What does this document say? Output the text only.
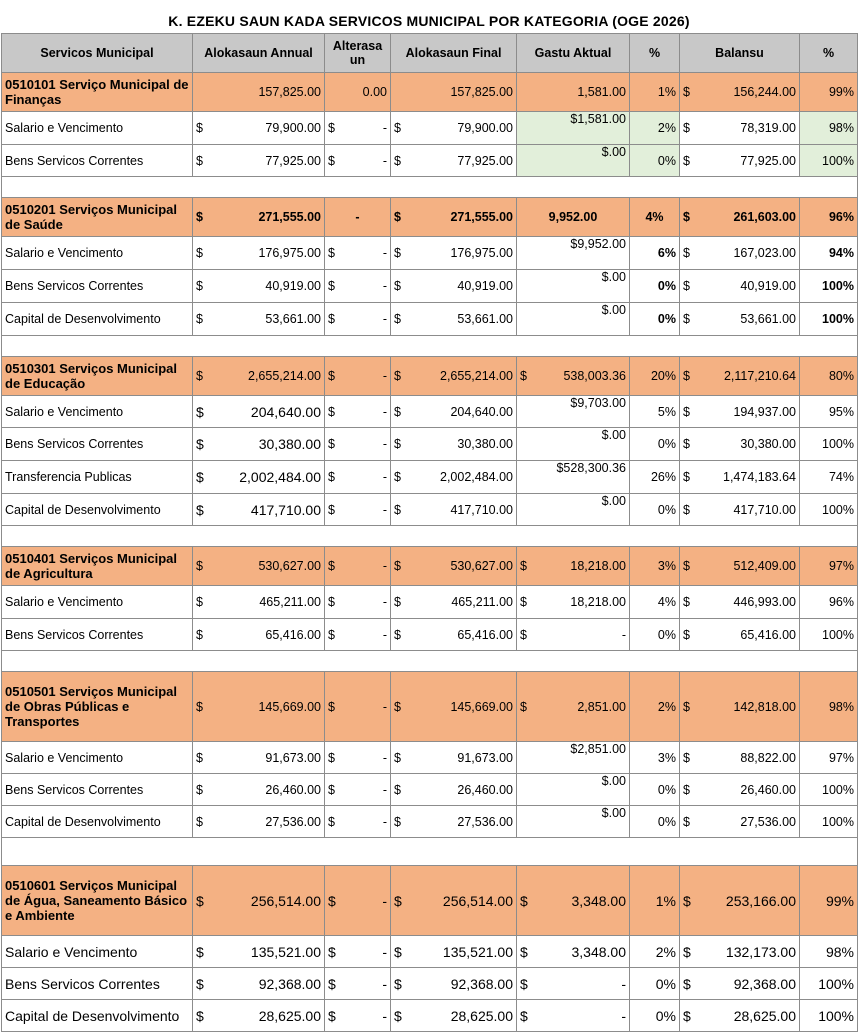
K. EZEKU SAUN KADA SERVICOS MUNICIPAL POR KATEGORIA (OGE 2026)
Servicos Municipal	Alokasaun Annual	Alterasa un	Alokasaun Final	Gastu Aktual	%	Balansu	%
0510101 Serviço Municipal de Finanças	157,825.00	0.00	157,825.00	1,581.00	1%	$ 156,244.00	99%
Salario e Vencimento	$ 79,900.00	$ -	$ 79,900.00	$1,581.00	2%	$ 78,319.00	98%
Bens Servicos Correntes	$ 77,925.00	$ -	$ 77,925.00	$.00	0%	$ 77,925.00	100%

0510201 Serviços Municipal de Saúde	$ 271,555.00	-	$ 271,555.00	9,952.00	4%	$ 261,603.00	96%
Salario e Vencimento	$ 176,975.00	$ -	$ 176,975.00	$9,952.00	6%	$ 167,023.00	94%
Bens Servicos Correntes	$ 40,919.00	$ -	$ 40,919.00	$.00	0%	$ 40,919.00	100%
Capital de Desenvolvimento	$ 53,661.00	$ -	$ 53,661.00	$.00	0%	$ 53,661.00	100%

0510301 Serviços Municipal de Educação	$ 2,655,214.00	$ -	$ 2,655,214.00	$ 538,003.36	20%	$ 2,117,210.64	80%
Salario e Vencimento	$ 204,640.00	$ -	$ 204,640.00	$9,703.00	5%	$ 194,937.00	95%
Bens Servicos Correntes	$ 30,380.00	$ -	$ 30,380.00	$.00	0%	$ 30,380.00	100%
Transferencia Publicas	$ 2,002,484.00	$ -	$ 2,002,484.00	$528,300.36	26%	$ 1,474,183.64	74%
Capital de Desenvolvimento	$ 417,710.00	$ -	$ 417,710.00	$.00	0%	$ 417,710.00	100%

0510401 Serviços Municipal de Agricultura	$ 530,627.00	$ -	$ 530,627.00	$ 18,218.00	3%	$ 512,409.00	97%
Salario e Vencimento	$ 465,211.00	$ -	$ 465,211.00	$ 18,218.00	4%	$ 446,993.00	96%
Bens Servicos Correntes	$ 65,416.00	$ -	$ 65,416.00	$ -	0%	$ 65,416.00	100%

0510501 Serviços Municipal de Obras Públicas e Transportes	$ 145,669.00	$ -	$ 145,669.00	$ 2,851.00	2%	$ 142,818.00	98%
Salario e Vencimento	$ 91,673.00	$ -	$ 91,673.00	$2,851.00	3%	$ 88,822.00	97%
Bens Servicos Correntes	$ 26,460.00	$ -	$ 26,460.00	$.00	0%	$ 26,460.00	100%
Capital de Desenvolvimento	$ 27,536.00	$ -	$ 27,536.00	$.00	0%	$ 27,536.00	100%

0510601 Serviços Municipal de Água, Saneamento Básico e Ambiente	$ 256,514.00	$ -	$ 256,514.00	$ 3,348.00	1%	$ 253,166.00	99%
Salario e Vencimento	$ 135,521.00	$ -	$ 135,521.00	$ 3,348.00	2%	$ 132,173.00	98%
Bens Servicos Correntes	$ 92,368.00	$ -	$ 92,368.00	$ -	0%	$ 92,368.00	100%
Capital de Desenvolvimento	$ 28,625.00	$ -	$ 28,625.00	$ -	0%	$ 28,625.00	100%
